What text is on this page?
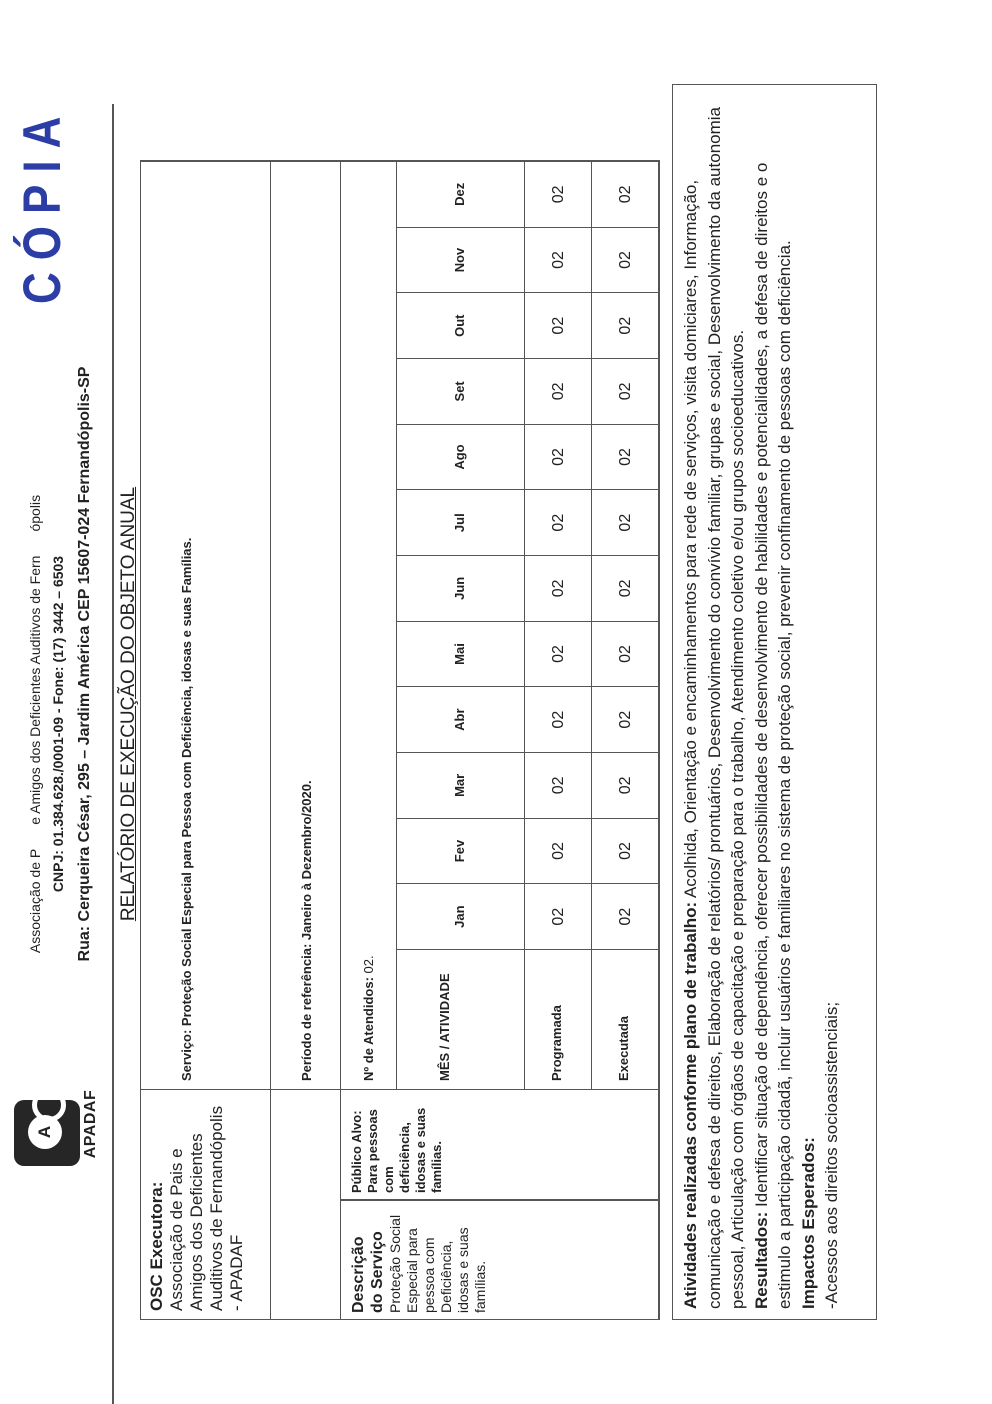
A	APADAF
Associação de Pe Amigos dos Deficientes Auditivos de Fernópolis
CNPJ: 01.384.628./0001-09 - Fone: (17) 3442 – 6503 Rua: Cerqueira César, 295 – Jardim América CEP 15607-024 Fernandópolis-SP
CÓPIA
RELATÓRIO DE EXECUÇÃO DO OBJETO ANUAL
OSC Executora: Associação de Pais e Amigos dos Deficientes Auditivos de Fernandópolis - APADAF
Serviço: Proteção Social Especial para Pessoa com Deficiência, idosas e suas Famílias.	Período de referência: Janeiro à Dezembro/2020.
Descrição do Serviço Proteção Social Especial para pessoa com Deficiência, idosas e suas famílias.
Público Alvo: Para pessoas com deficiência, idosas e suas famílias.
Nº de Atendidos: 02.
MÊS / ATIVIDADE
Jan
Fev
Mar
Abr
Mai
Jun
Jul
Ago
Set
Out
Nov
Dez
Programada
02
02
02
02
02
02
02
02
02
02
02
02
Executada
02
02
02
02
02
02
02
02
02
02
02
02
Atividades realizadas conforme plano de trabalho: Acolhida, Orientação e encaminhamentos para rede de serviços, visita domiciares, Informação, comunicação e defesa de direitos, Elaboração de relatórios/ prontuários, Desenvolvimento do convívio familiar, grupas e social, Desenvolvimento da autonomia pessoal, Articulação com órgãos de capacitação e preparação para o trabalho, Atendimento coletivo e/ou grupos socioeducativos. Resultados: Identificar situação de dependência, oferecer possibilidades de desenvolvimento de habilidades e potencialidades, a defesa de direitos e o estimulo a participação cidadã, incluir usuários e familiares no sistema de proteção social, prevenir confinamento de pessoas com deficiência. Impactos Esperados: -Acessos aos direitos socioassistenciais;
